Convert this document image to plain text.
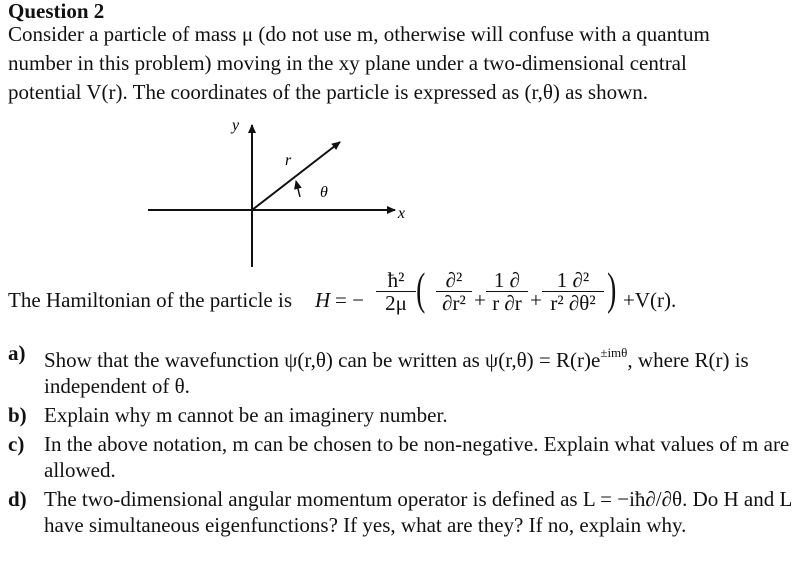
Question 2
Consider a particle of mass μ (do not use m, otherwise will confuse with a quantum
number in this problem) moving in the xy plane under a two-dimensional central
potential V(r). The coordinates of the particle is expressed as (r,θ) as shown.
y
x
r
θ
The Hamiltonian of the particle is H = −
ħ²
2μ ( ∂²
∂r² +
1 ∂
r ∂r +
1 ∂²
r² ∂θ² ) +V(r).
a) Show that the wavefunction ψ(r,θ) can be written as $\psi(r,\theta) = R(r)e^{\pm im\theta}$, where R(r) is independent of θ.
b) Explain why m cannot be an imaginery number.
c) In the above notation, m can be chosen to be non-negative. Explain what values of m are allowed.
d) The two-dimensional angular momentum operator is defined as L = −iħ∂/∂θ. Do H and L have simultaneous eigenfunctions? If yes, what are they? If no, explain why.
